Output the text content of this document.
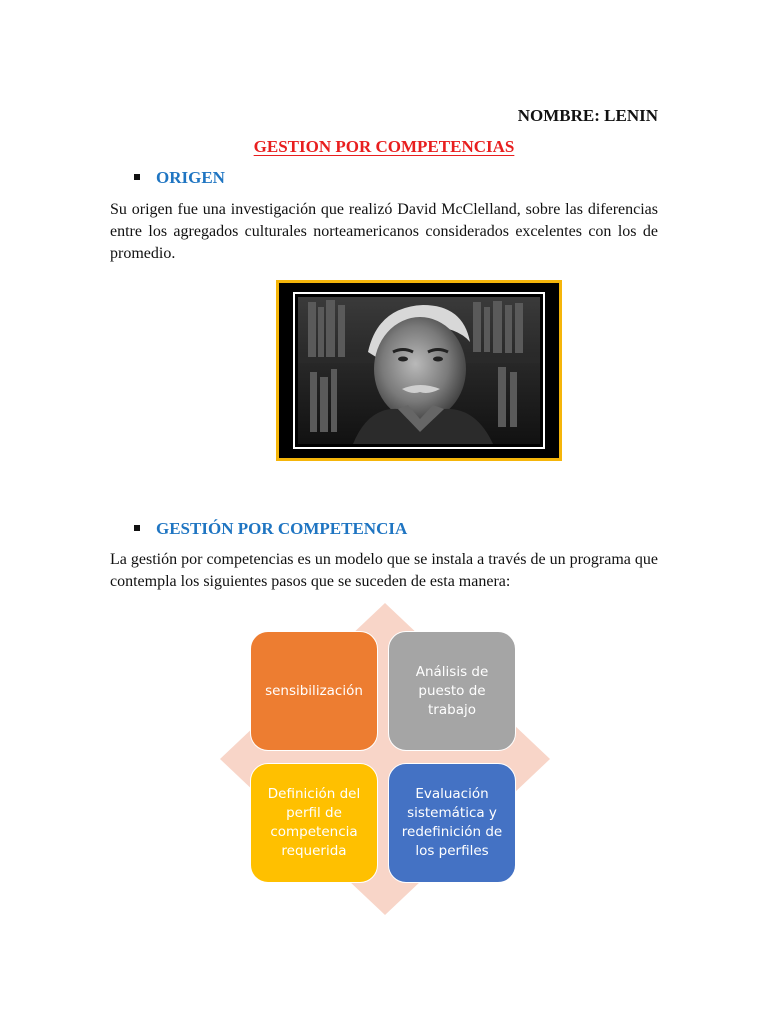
NOMBRE: LENIN
GESTION POR COMPETENCIAS
ORIGEN

Su origen fue una investigación que realizó David McClelland, sobre las diferencias entre los agregados culturales norteamericanos considerados excelentes con los de promedio.

GESTIÓN POR COMPETENCIA

La gestión por competencias es un modelo que se instala a través de un programa que contempla los siguientes pasos que se suceden de esta manera:

sensibilización
Análisis de puesto de trabajo
Definición del perfil de competencia requerida
Evaluación sistemática y redefinición de los perfiles
